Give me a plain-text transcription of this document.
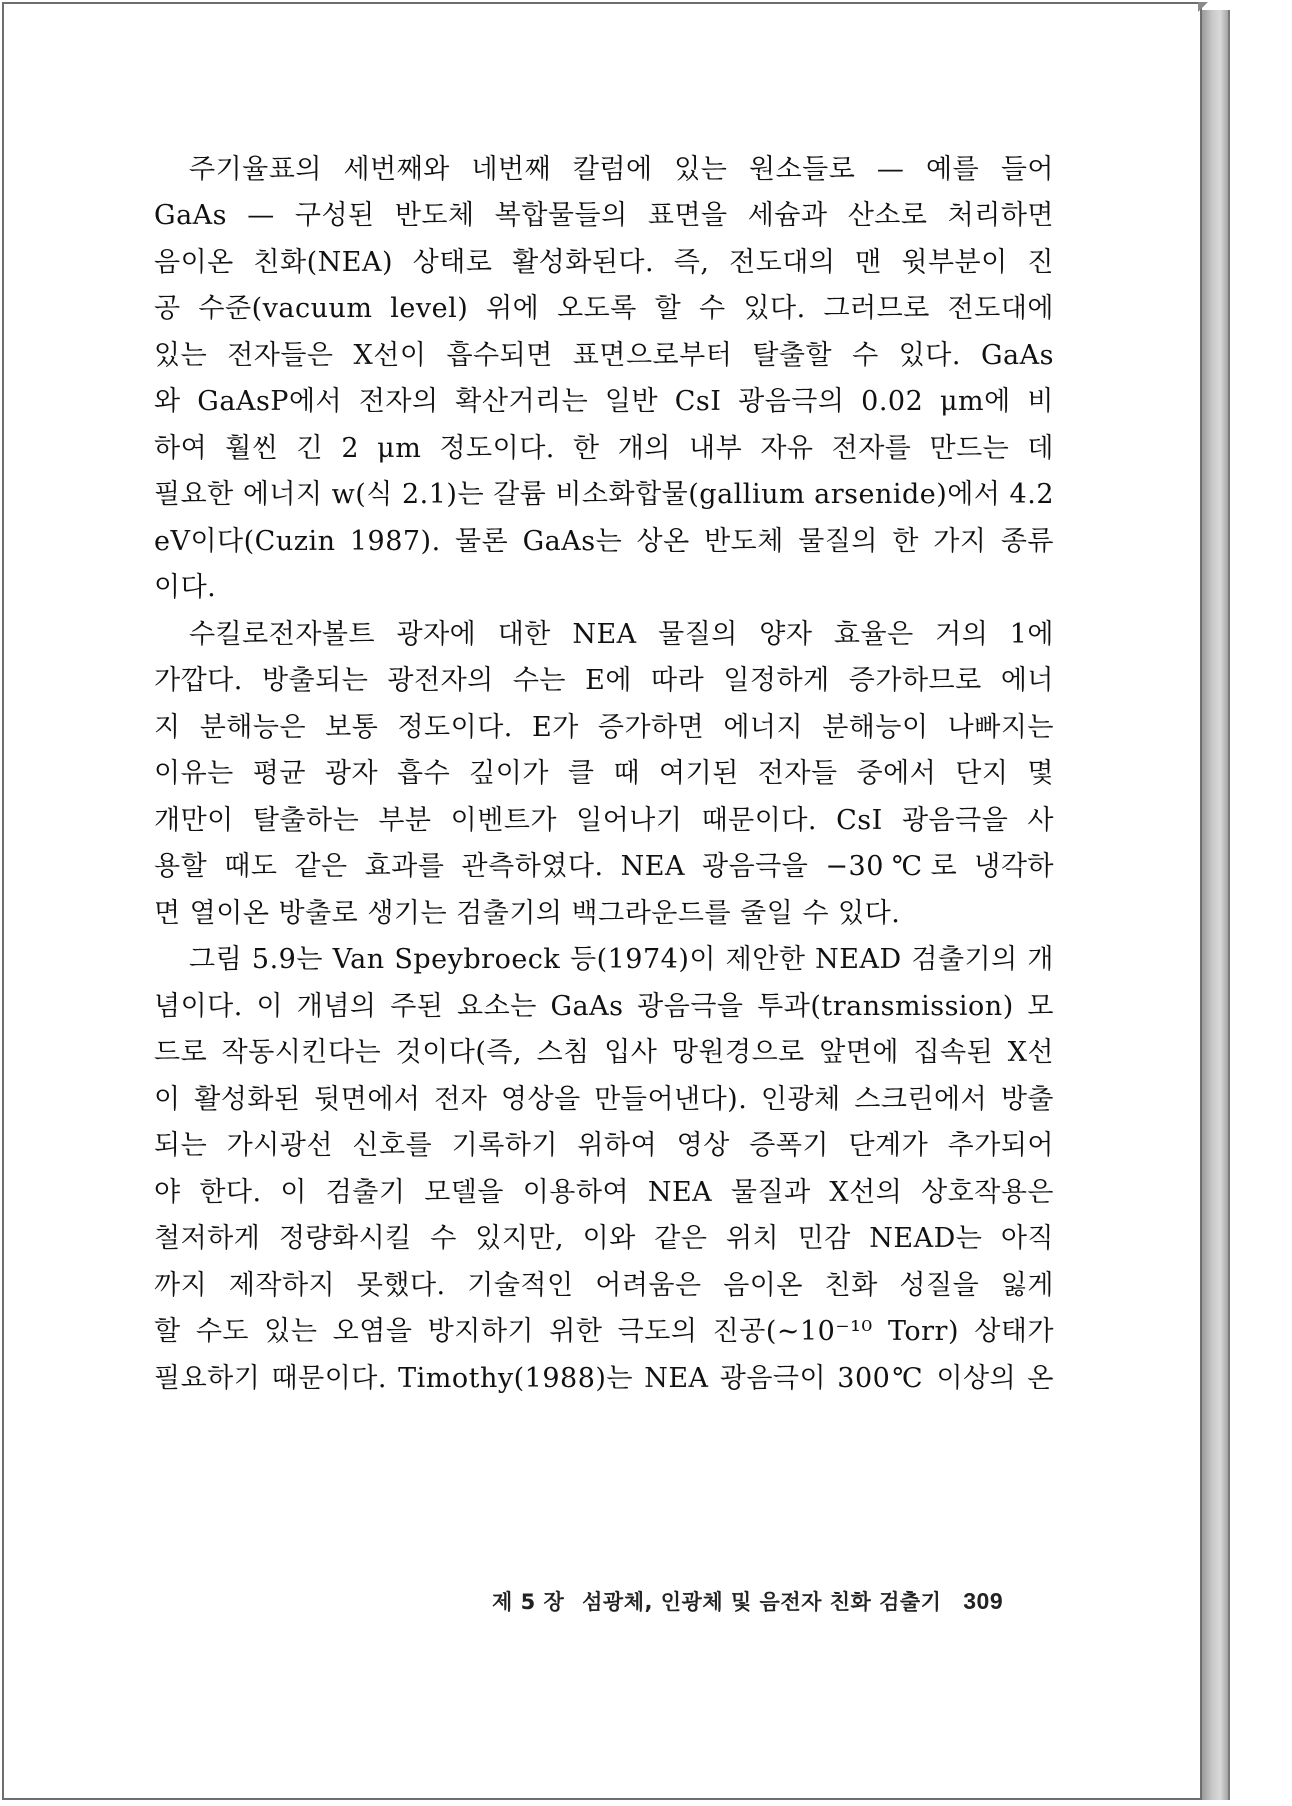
주기율표의 세번째와 네번째 칼럼에 있는 원소들로 — 예를 들어
GaAs — 구성된 반도체 복합물들의 표면을 세슘과 산소로 처리하면
음이온 친화(NEA) 상태로 활성화된다. 즉, 전도대의 맨 윗부분이 진
공 수준(vacuum level) 위에 오도록 할 수 있다. 그러므로 전도대에
있는 전자들은 X선이 흡수되면 표면으로부터 탈출할 수 있다. GaAs
와 GaAsP에서 전자의 확산거리는 일반 CsI 광음극의 0.02 μm에 비
하여 훨씬 긴 2 μm 정도이다. 한 개의 내부 자유 전자를 만드는 데
필요한 에너지 w(식 2.1)는 갈륨 비소화합물(gallium arsenide)에서 4.2
eV이다(Cuzin 1987). 물론 GaAs는 상온 반도체 물질의 한 가지 종류
이다.
수킬로전자볼트 광자에 대한 NEA 물질의 양자 효율은 거의 1에
가깝다. 방출되는 광전자의 수는 E에 따라 일정하게 증가하므로 에너
지 분해능은 보통 정도이다. E가 증가하면 에너지 분해능이 나빠지는
이유는 평균 광자 흡수 깊이가 클 때 여기된 전자들 중에서 단지 몇
개만이 탈출하는 부분 이벤트가 일어나기 때문이다. CsI 광음극을 사
용할 때도 같은 효과를 관측하였다. NEA 광음극을 −30℃로 냉각하
면 열이온 방출로 생기는 검출기의 백그라운드를 줄일 수 있다.
그림 5.9는 Van Speybroeck 등(1974)이 제안한 NEAD 검출기의 개
념이다. 이 개념의 주된 요소는 GaAs 광음극을 투과(transmission) 모
드로 작동시킨다는 것이다(즉, 스침 입사 망원경으로 앞면에 집속된 X선
이 활성화된 뒷면에서 전자 영상을 만들어낸다). 인광체 스크린에서 방출
되는 가시광선 신호를 기록하기 위하여 영상 증폭기 단계가 추가되어
야 한다. 이 검출기 모델을 이용하여 NEA 물질과 X선의 상호작용은
철저하게 정량화시킬 수 있지만, 이와 같은 위치 민감 NEAD는 아직
까지 제작하지 못했다. 기술적인 어려움은 음이온 친화 성질을 잃게
할 수도 있는 오염을 방지하기 위한 극도의 진공(~10⁻¹⁰ Torr) 상태가
필요하기 때문이다. Timothy(1988)는 NEA 광음극이 300℃ 이상의 온
제 5 장 섬광체, 인광체 및 음전자 친화 검출기 309
